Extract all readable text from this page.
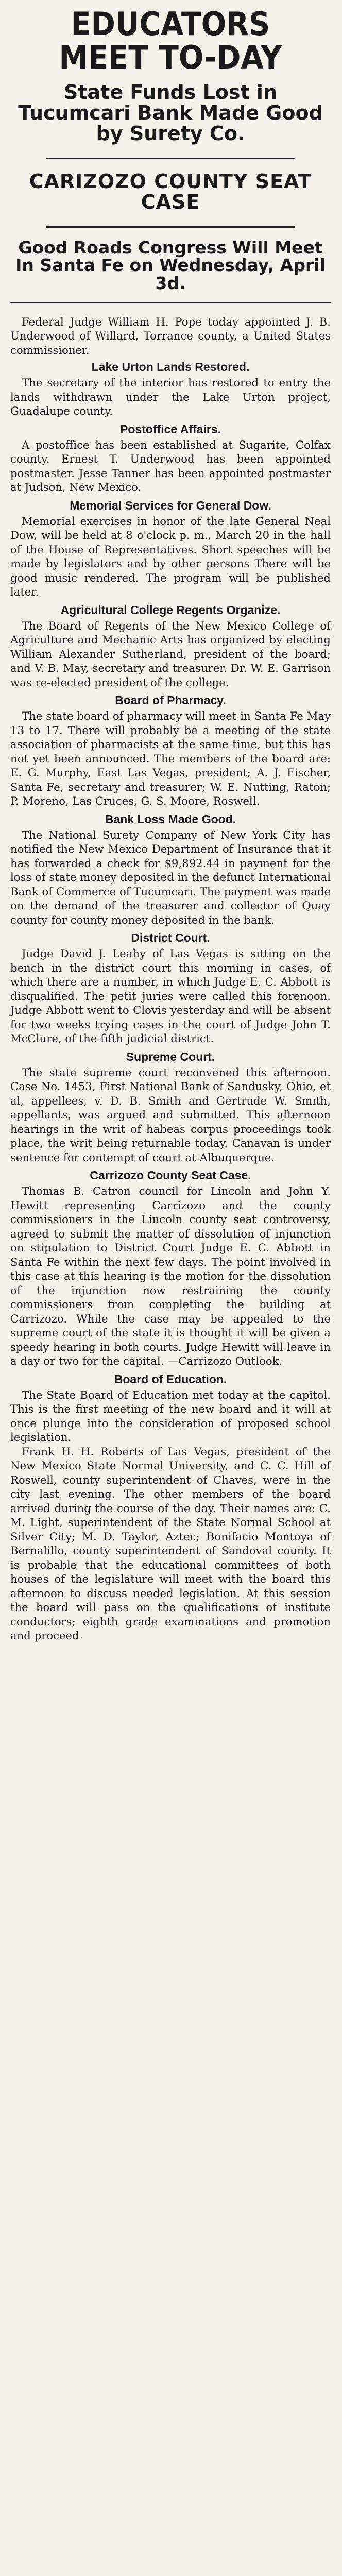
EDUCATORS MEET TO-DAY
State Funds Lost in Tucumcari Bank Made Good by Surety Co.
CARIZOZO COUNTY SEAT CASE
Good Roads Congress Will Meet In Santa Fe on Wednesday, April 3d.

Federal Judge William H. Pope today appointed J. B. Underwood of Willard, Torrance county, a United States commissioner.

Lake Urton Lands Restored.

The secretary of the interior has restored to entry the lands withdrawn under the Lake Urton project, Guadalupe county.

Postoffice Affairs.

A postoffice has been established at Sugarite, Colfax county. Ernest T. Underwood has been appointed postmaster. Jesse Tanner has been appointed postmaster at Judson, New Mexico.

Memorial Services for General Dow.

Memorial exercises in honor of the late General Neal Dow, will be held at 8 o'clock p. m., March 20 in the hall of the House of Representatives. Short speeches will be made by legislators and by other persons There will be good music rendered. The program will be published later.

Agricultural College Regents Organize.

The Board of Regents of the New Mexico College of Agriculture and Mechanic Arts has organized by electing William Alexander Sutherland, president of the board; and V. B. May, secretary and treasurer. Dr. W. E. Garrison was re-elected president of the college.

Board of Pharmacy.

The state board of pharmacy will meet in Santa Fe May 13 to 17. There will probably be a meeting of the state association of pharmacists at the same time, but this has not yet been announced. The members of the board are: E. G. Murphy, East Las Vegas, president; A. J. Fischer, Santa Fe, secretary and treasurer; W. E. Nutting, Raton; P. Moreno, Las Cruces, G. S. Moore, Roswell.

Bank Loss Made Good.

The National Surety Company of New York City has notified the New Mexico Department of Insurance that it has forwarded a check for $9,892.44 in payment for the loss of state money deposited in the defunct International Bank of Commerce of Tucumcari. The payment was made on the demand of the treasurer and collector of Quay county for county money deposited in the bank.

District Court.

Judge David J. Leahy of Las Vegas is sitting on the bench in the district court this morning in cases, of which there are a number, in which Judge E. C. Abbott is disqualified. The petit juries were called this forenoon. Judge Abbott went to Clovis yesterday and will be absent for two weeks trying cases in the court of Judge John T. McClure, of the fifth judicial district.

Supreme Court.

The state supreme court reconvened this afternoon. Case No. 1453, First National Bank of Sandusky, Ohio, et al, appellees, v. D. B. Smith and Gertrude W. Smith, appellants, was argued and submitted. This afternoon hearings in the writ of habeas corpus proceedings took place, the writ being returnable today. Canavan is under sentence for contempt of court at Albuquerque.

Carrizozo County Seat Case.

Thomas B. Catron council for Lincoln and John Y. Hewitt representing Carrizozo and the county commissioners in the Lincoln county seat controversy, agreed to submit the matter of dissolution of injunction on stipulation to District Court Judge E. C. Abbott in Santa Fe within the next few days. The point involved in this case at this hearing is the motion for the dissolution of the injunction now restraining the county commissioners from completing the building at Carrizozo. While the case may be appealed to the supreme court of the state it is thought it will be given a speedy hearing in both courts. Judge Hewitt will leave in a day or two for the capital. —Carrizozo Outlook.

Board of Education.

The State Board of Education met today at the capitol. This is the first meeting of the new board and it will at once plunge into the consideration of proposed school legislation.

Frank H. H. Roberts of Las Vegas, president of the New Mexico State Normal University, and C. C. Hill of Roswell, county superintendent of Chaves, were in the city last evening. The other members of the board arrived during the course of the day. Their names are: C. M. Light, superintendent of the State Normal School at Silver City; M. D. Taylor, Aztec; Bonifacio Montoya of Bernalillo, county superintendent of Sandoval county. It is probable that the educational committees of both houses of the legislature will meet with the board this afternoon to discuss needed legislation. At this session the board will pass on the qualifications of institute conductors; eighth grade examinations and promotion and proceed
